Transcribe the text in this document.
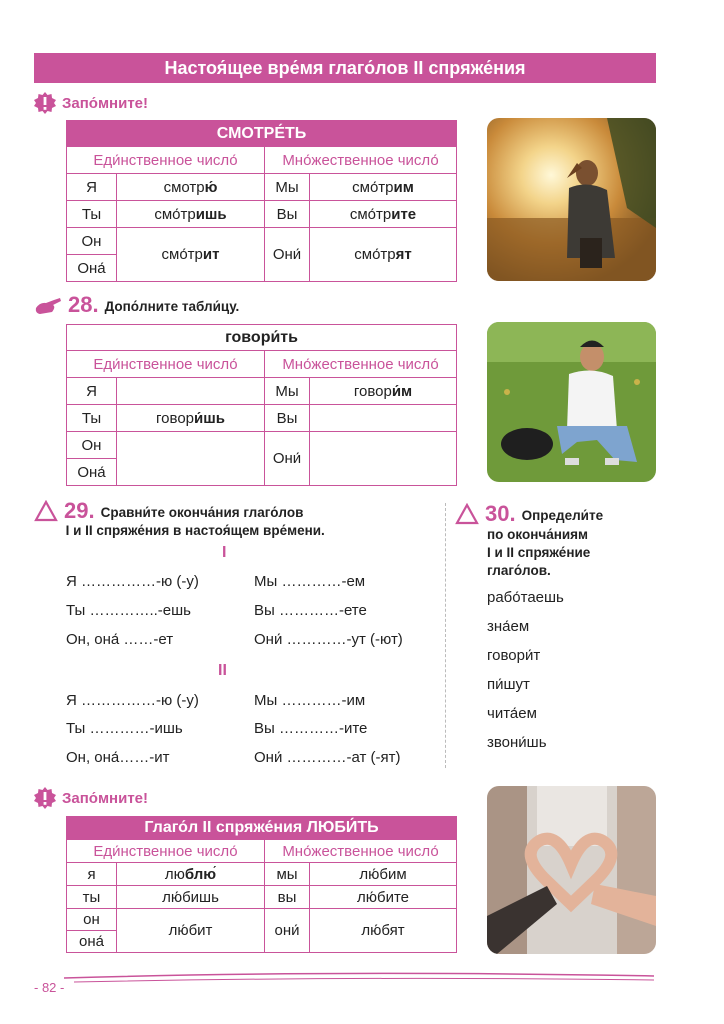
Настоя́щее вре́мя глаго́лов II спряже́ния
Запо́мните!
СМОТРЕ́ТЬ			
Еди́нственное число́		Мно́жественное число́	
Я	смотрю́	Мы	смо́трим
Ты	смо́тришь	Вы	смо́трите
Он	смо́трит	Они́	смо́трят
Она́			
28. Допо́лните табли́цу.
говори́ть			
Еди́нственное число́		Мно́жественное число́	
Я		Мы	говори́м
Ты	говори́шь	Вы	
Он		Они́	
Она́			
29. Сравни́те оконча́ния глаго́лов
I и II спряже́ния в настоя́щем вре́мени.
I
Я ……………-ю (-у)	Мы …………-ем
Ты …………..-ешь	Вы …………-ете
Он, она́ ……-ет	Они́ …………-ут (-ют)
II
Я ……………-ю (-у)	Мы …………-им
Ты …………-ишь	Вы …………-ите
Он, она́……-ит	Они́ …………-ат (-ят)
30. Определи́те
по оконча́ниям
I и II спряже́ние
глаго́лов.
рабо́таешь
зна́ем
говори́т
пи́шут
чита́ем
звони́шь
Запо́мните!
Глаго́л II спряже́ния ЛЮБИ́ТЬ			
Еди́нственное число́		Мно́жественное число́	
я	люблю	мы	лю́бим
ты	лю́бишь	вы	лю́бите
он	лю́бит	они́	лю́бят
она́			
- 82 -
